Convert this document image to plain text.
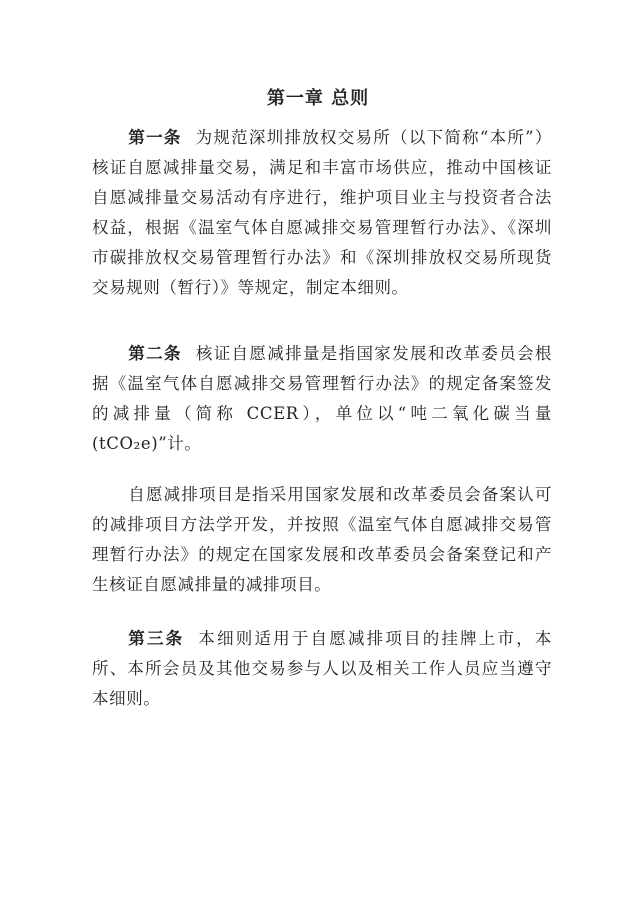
第一章 总则

第一条 为规范深圳排放权交易所（以下简称“本所”）核证自愿减排量交易，满足和丰富市场供应，推动中国核证自愿减排量交易活动有序进行，维护项目业主与投资者合法权益，根据《温室气体自愿减排交易管理暂行办法》、《深圳市碳排放权交易管理暂行办法》和《深圳排放权交易所现货交易规则（暂行）》等规定，制定本细则。

第二条 核证自愿减排量是指国家发展和改革委员会根据《温室气体自愿减排交易管理暂行办法》的规定备案签发的减排量（简称 CCER），单位以“吨二氧化碳当量(tCO₂e)”计。

自愿减排项目是指采用国家发展和改革委员会备案认可的减排项目方法学开发，并按照《温室气体自愿减排交易管理暂行办法》的规定在国家发展和改革委员会备案登记和产生核证自愿减排量的减排项目。

第三条 本细则适用于自愿减排项目的挂牌上市，本所、本所会员及其他交易参与人以及相关工作人员应当遵守本细则。
